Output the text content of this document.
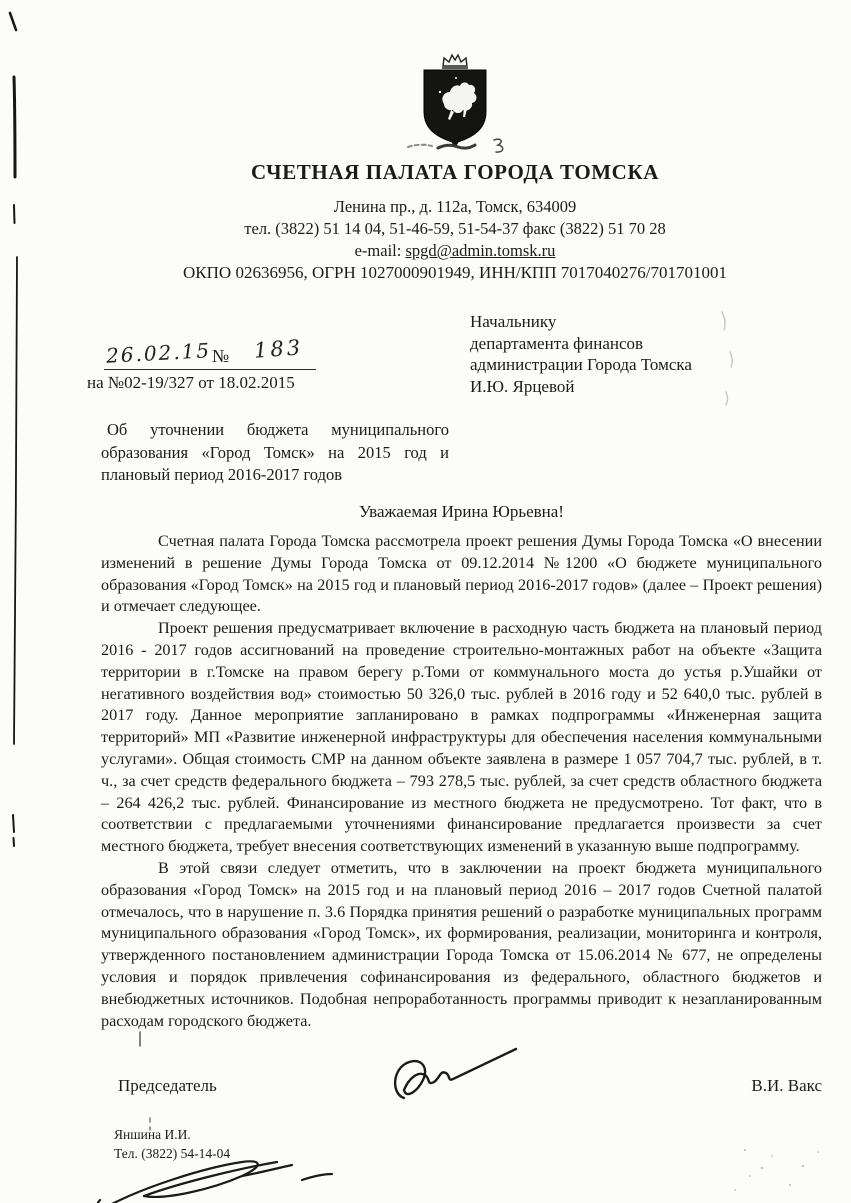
СЧЕТНАЯ ПАЛАТА ГОРОДА ТОМСКА
Ленина пр., д. 112а, Томск, 634009
тел. (3822) 51 14 04, 51-46-59, 51-54-37 факс (3822) 51 70 28
e-mail: spgd@admin.tomsk.ru
ОКПО 02636956, ОГРН 1027000901949, ИНН/КПП 7017040276/701701001
26.02.15 № 183
на №02-19/327 от 18.02.2015
Начальнику
департамента финансов
администрации Города Томска
И.Ю. Ярцевой
Об уточнении бюджета муниципального образования «Город Томск» на 2015 год и плановый период 2016-2017 годов
Уважаемая Ирина Юрьевна!

Счетная палата Города Томска рассмотрела проект решения Думы Города Томска «О внесении изменений в решение Думы Города Томска от 09.12.2014 №1200 «О бюджете муниципального образования «Город Томск» на 2015 год и плановый период 2016-2017 годов» (далее – Проект решения) и отмечает следующее.

Проект решения предусматривает включение в расходную часть бюджета на плановый период 2016 - 2017 годов ассигнований на проведение строительно-монтажных работ на объекте «Защита территории в г.Томске на правом берегу р.Томи от коммунального моста до устья р.Ушайки от негативного воздействия вод» стоимостью 50 326,0 тыс. рублей в 2016 году и 52 640,0 тыс. рублей в 2017 году. Данное мероприятие запланировано в рамках подпрограммы «Инженерная защита территорий» МП «Развитие инженерной инфраструктуры для обеспечения населения коммунальными услугами». Общая стоимость СМР на данном объекте заявлена в размере 1 057 704,7 тыс. рублей, в т. ч., за счет средств федерального бюджета – 793 278,5 тыс. рублей, за счет средств областного бюджета – 264 426,2 тыс. рублей. Финансирование из местного бюджета не предусмотрено. Тот факт, что в соответствии с предлагаемыми уточнениями финансирование предлагается произвести за счет местного бюджета, требует внесения соответствующих изменений в указанную выше подпрограмму.

В этой связи следует отметить, что в заключении на проект бюджета муниципального образования «Город Томск» на 2015 год и на плановый период 2016 – 2017 годов Счетной палатой отмечалось, что в нарушение п. 3.6 Порядка принятия решений о разработке муниципальных программ муниципального образования «Город Томск», их формирования, реализации, мониторинга и контроля, утвержденного постановлением администрации Города Томска от 15.06.2014 № 677, не определены условия и порядок привлечения софинансирования из федерального, областного бюджетов и внебюджетных источников. Подобная непроработанность программы приводит к незапланированным расходам городского бюджета.

Председатель	В.И. Вакс
Яншина И.И.
Тел. (3822) 54-14-04
